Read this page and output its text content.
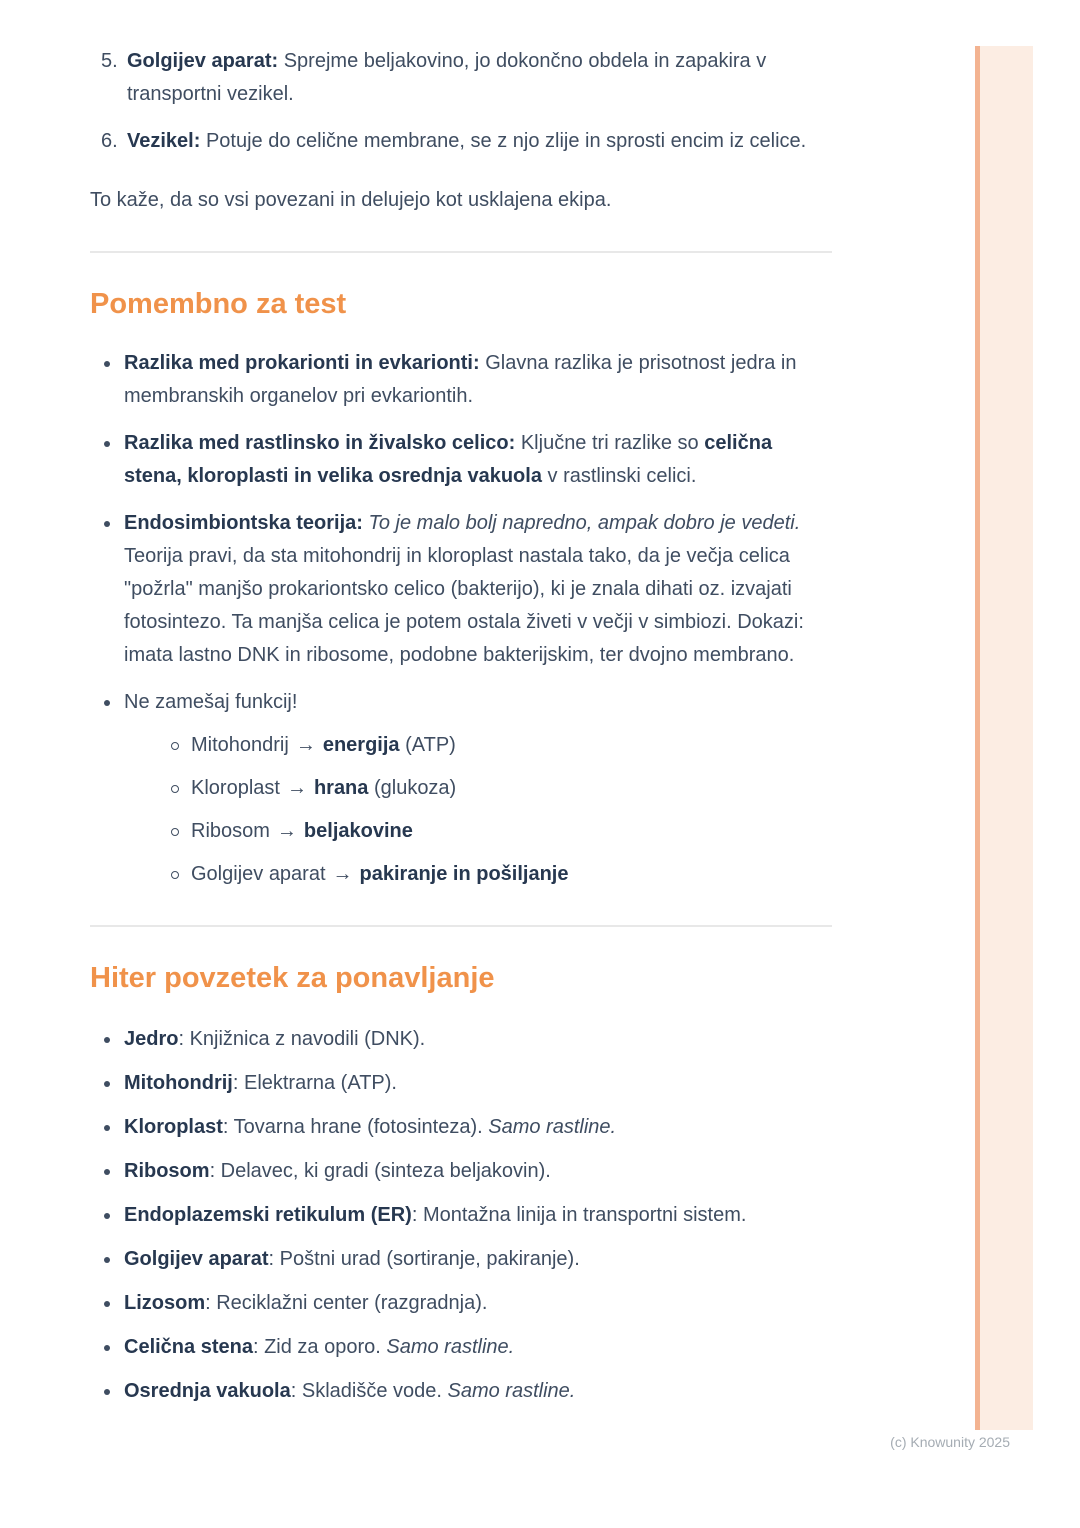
5. Golgijev aparat: Sprejme beljakovino, jo dokončno obdela in zapakira v transportni vezikel.
6. Vezikel: Potuje do celične membrane, se z njo zlije in sprosti encim iz celice.

To kaže, da so vsi povezani in delujejo kot usklajena ekipa.

Pomembno za test
Razlika med prokarionti in evkarionti: Glavna razlika je prisotnost jedra in membranskih organelov pri evkariontih.
Razlika med rastlinsko in živalsko celico: Ključne tri razlike so celična stena, kloroplasti in velika osrednja vakuola v rastlinski celici.
Endosimbiontska teorija: To je malo bolj napredno, ampak dobro je vedeti. Teorija pravi, da sta mitohondrij in kloroplast nastala tako, da je večja celica "požrla" manjšo prokariontsko celico (bakterijo), ki je znala dihati oz. izvajati fotosintezo. Ta manjša celica je potem ostala živeti v večji v simbiozi. Dokazi: imata lastno DNK in ribosome, podobne bakterijskim, ter dvojno membrano.
Ne zamešaj funkcij!
Mitohondrij → energija (ATP)
Kloroplast → hrana (glukoza)
Ribosom → beljakovine
Golgijev aparat → pakiranje in pošiljanje
Hiter povzetek za ponavljanje
Jedro: Knjižnica z navodili (DNK).
Mitohondrij: Elektrarna (ATP).
Kloroplast: Tovarna hrane (fotosinteza). Samo rastline.
Ribosom: Delavec, ki gradi (sinteza beljakovin).
Endoplazemski retikulum (ER): Montažna linija in transportni sistem.
Golgijev aparat: Poštni urad (sortiranje, pakiranje).
Lizosom: Reciklažni center (razgradnja).
Celična stena: Zid za oporo. Samo rastline.
Osrednja vakuola: Skladišče vode. Samo rastline.
(c) Knowunity 2025
